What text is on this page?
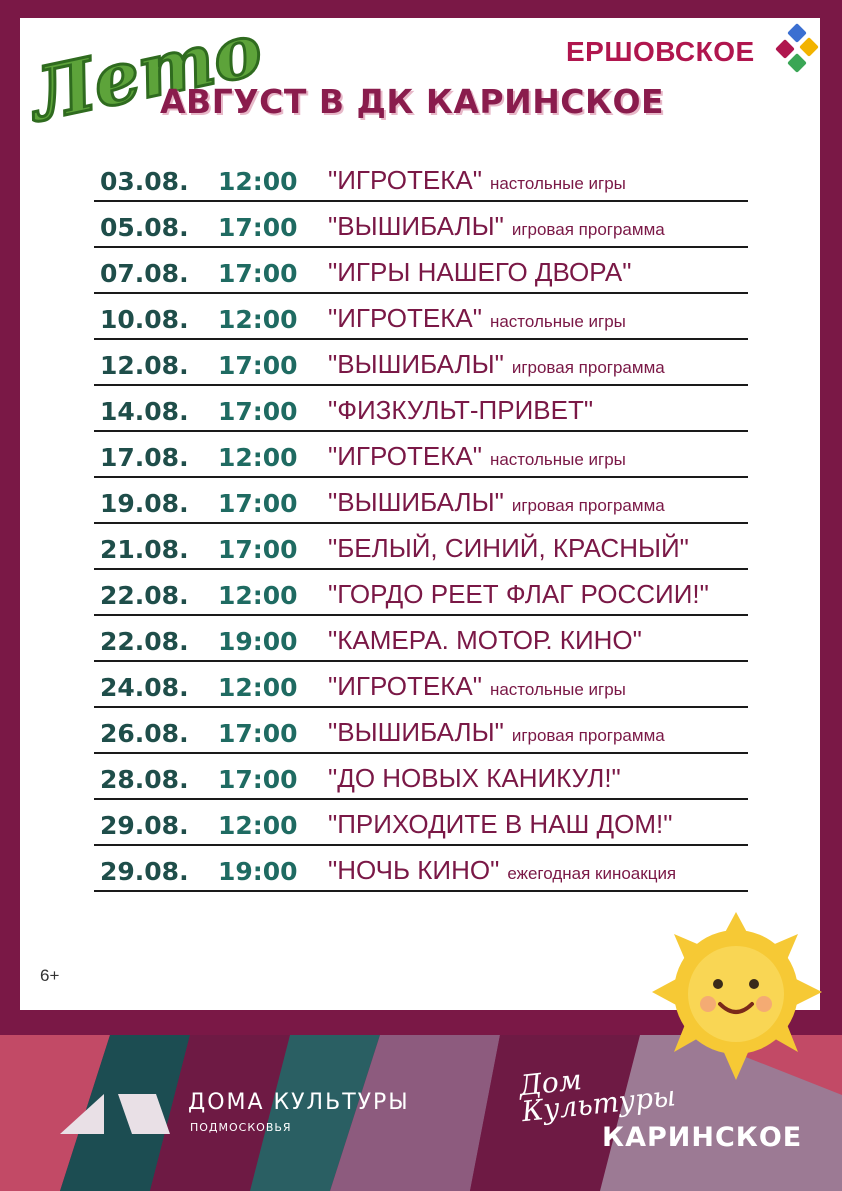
Лето
АВГУСТ В ДК КАРИНСКОЕ
ЕРШОВСКОЕ
03.08. 12:00 "ИГРОТЕКА" настольные игры
05.08. 17:00 "ВЫШИБАЛЫ" игровая программа
07.08. 17:00 "ИГРЫ НАШЕГО ДВОРА"
10.08. 12:00 "ИГРОТЕКА" настольные игры
12.08. 17:00 "ВЫШИБАЛЫ" игровая программа
14.08. 17:00 "ФИЗКУЛЬТ-ПРИВЕТ"
17.08. 12:00 "ИГРОТЕКА" настольные игры
19.08. 17:00 "ВЫШИБАЛЫ" игровая программа
21.08. 17:00 "БЕЛЫЙ, СИНИЙ, КРАСНЫЙ"
22.08. 12:00 "ГОРДО РЕЕТ ФЛАГ РОССИИ!"
22.08. 19:00 "КАМЕРА. МОТОР. КИНО"
24.08. 12:00 "ИГРОТЕКА" настольные игры
26.08. 17:00 "ВЫШИБАЛЫ" игровая программа
28.08. 17:00 "ДО НОВЫХ КАНИКУЛ!"
29.08. 12:00 "ПРИХОДИТЕ В НАШ ДОМ!"
29.08. 19:00 "НОЧЬ КИНО" ежегодная киноакция
6+
ДОМА КУЛЬТУРЫ
ПОДМОСКОВЬЯ
Дом Культуры
КАРИНСКОЕ
